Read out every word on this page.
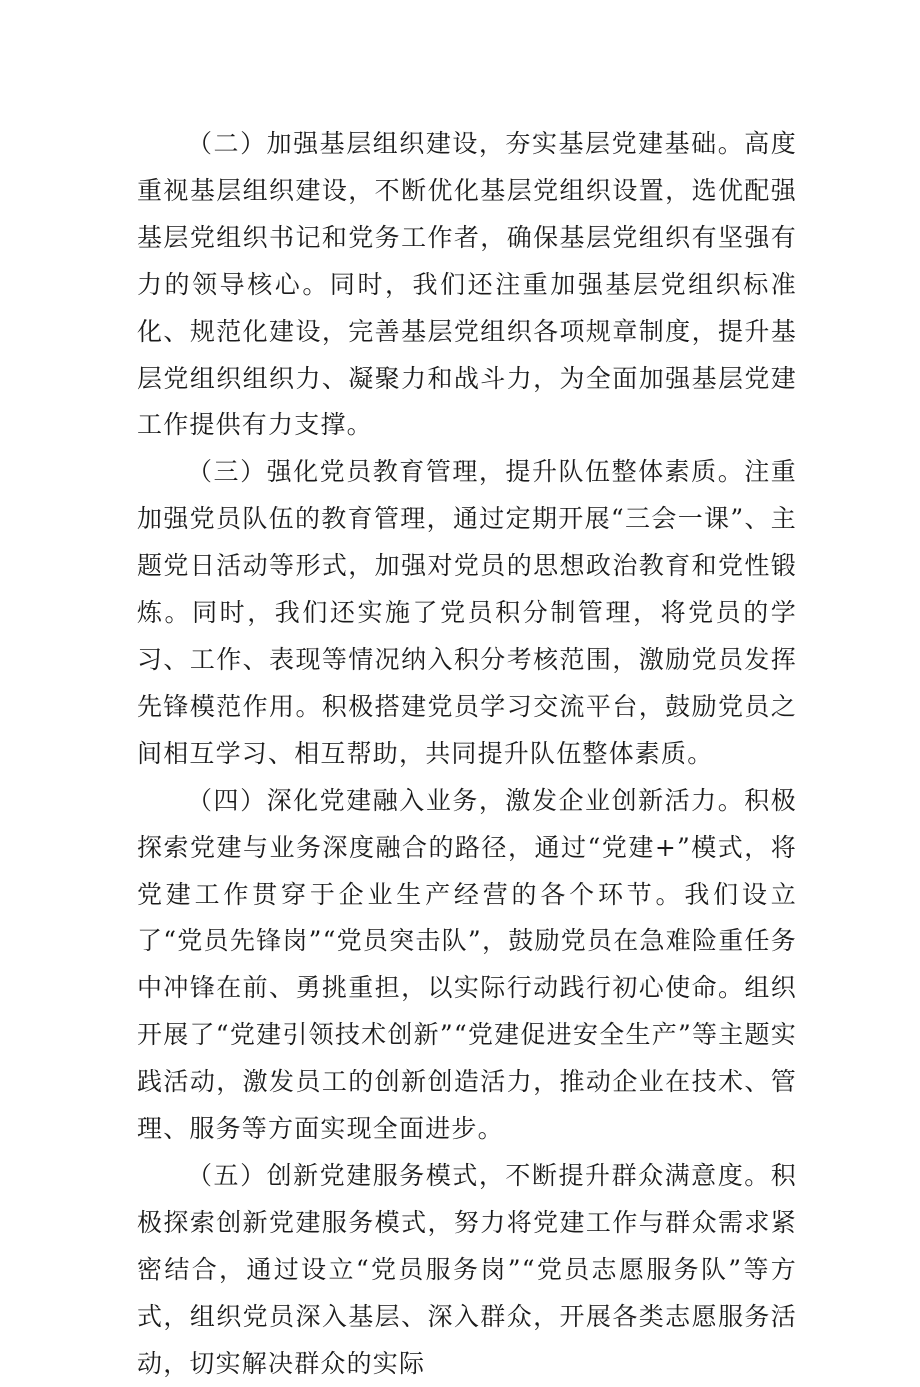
（二）加强基层组织建设，夯实基层党建基础。高度重视基层组织建设，不断优化基层党组织设置，选优配强基层党组织书记和党务工作者，确保基层党组织有坚强有力的领导核心。同时，我们还注重加强基层党组织标准化、规范化建设，完善基层党组织各项规章制度，提升基层党组织组织力、凝聚力和战斗力，为全面加强基层党建工作提供有力支撑。

（三）强化党员教育管理，提升队伍整体素质。注重加强党员队伍的教育管理，通过定期开展“三会一课”、主题党日活动等形式，加强对党员的思想政治教育和党性锻炼。同时，我们还实施了党员积分制管理，将党员的学习、工作、表现等情况纳入积分考核范围，激励党员发挥先锋模范作用。积极搭建党员学习交流平台，鼓励党员之间相互学习、相互帮助，共同提升队伍整体素质。

（四）深化党建融入业务，激发企业创新活力。积极探索党建与业务深度融合的路径，通过“党建+”模式，将党建工作贯穿于企业生产经营的各个环节。我们设立了“党员先锋岗”“党员突击队”，鼓励党员在急难险重任务中冲锋在前、勇挑重担，以实际行动践行初心使命。组织开展了“党建引领技术创新”“党建促进安全生产”等主题实践活动，激发员工的创新创造活力，推动企业在技术、管理、服务等方面实现全面进步。

（五）创新党建服务模式，不断提升群众满意度。积极探索创新党建服务模式，努力将党建工作与群众需求紧密结合，通过设立“党员服务岗”“党员志愿服务队”等方式，组织党员深入基层、深入群众，开展各类志愿服务活动，切实解决群众的实际
